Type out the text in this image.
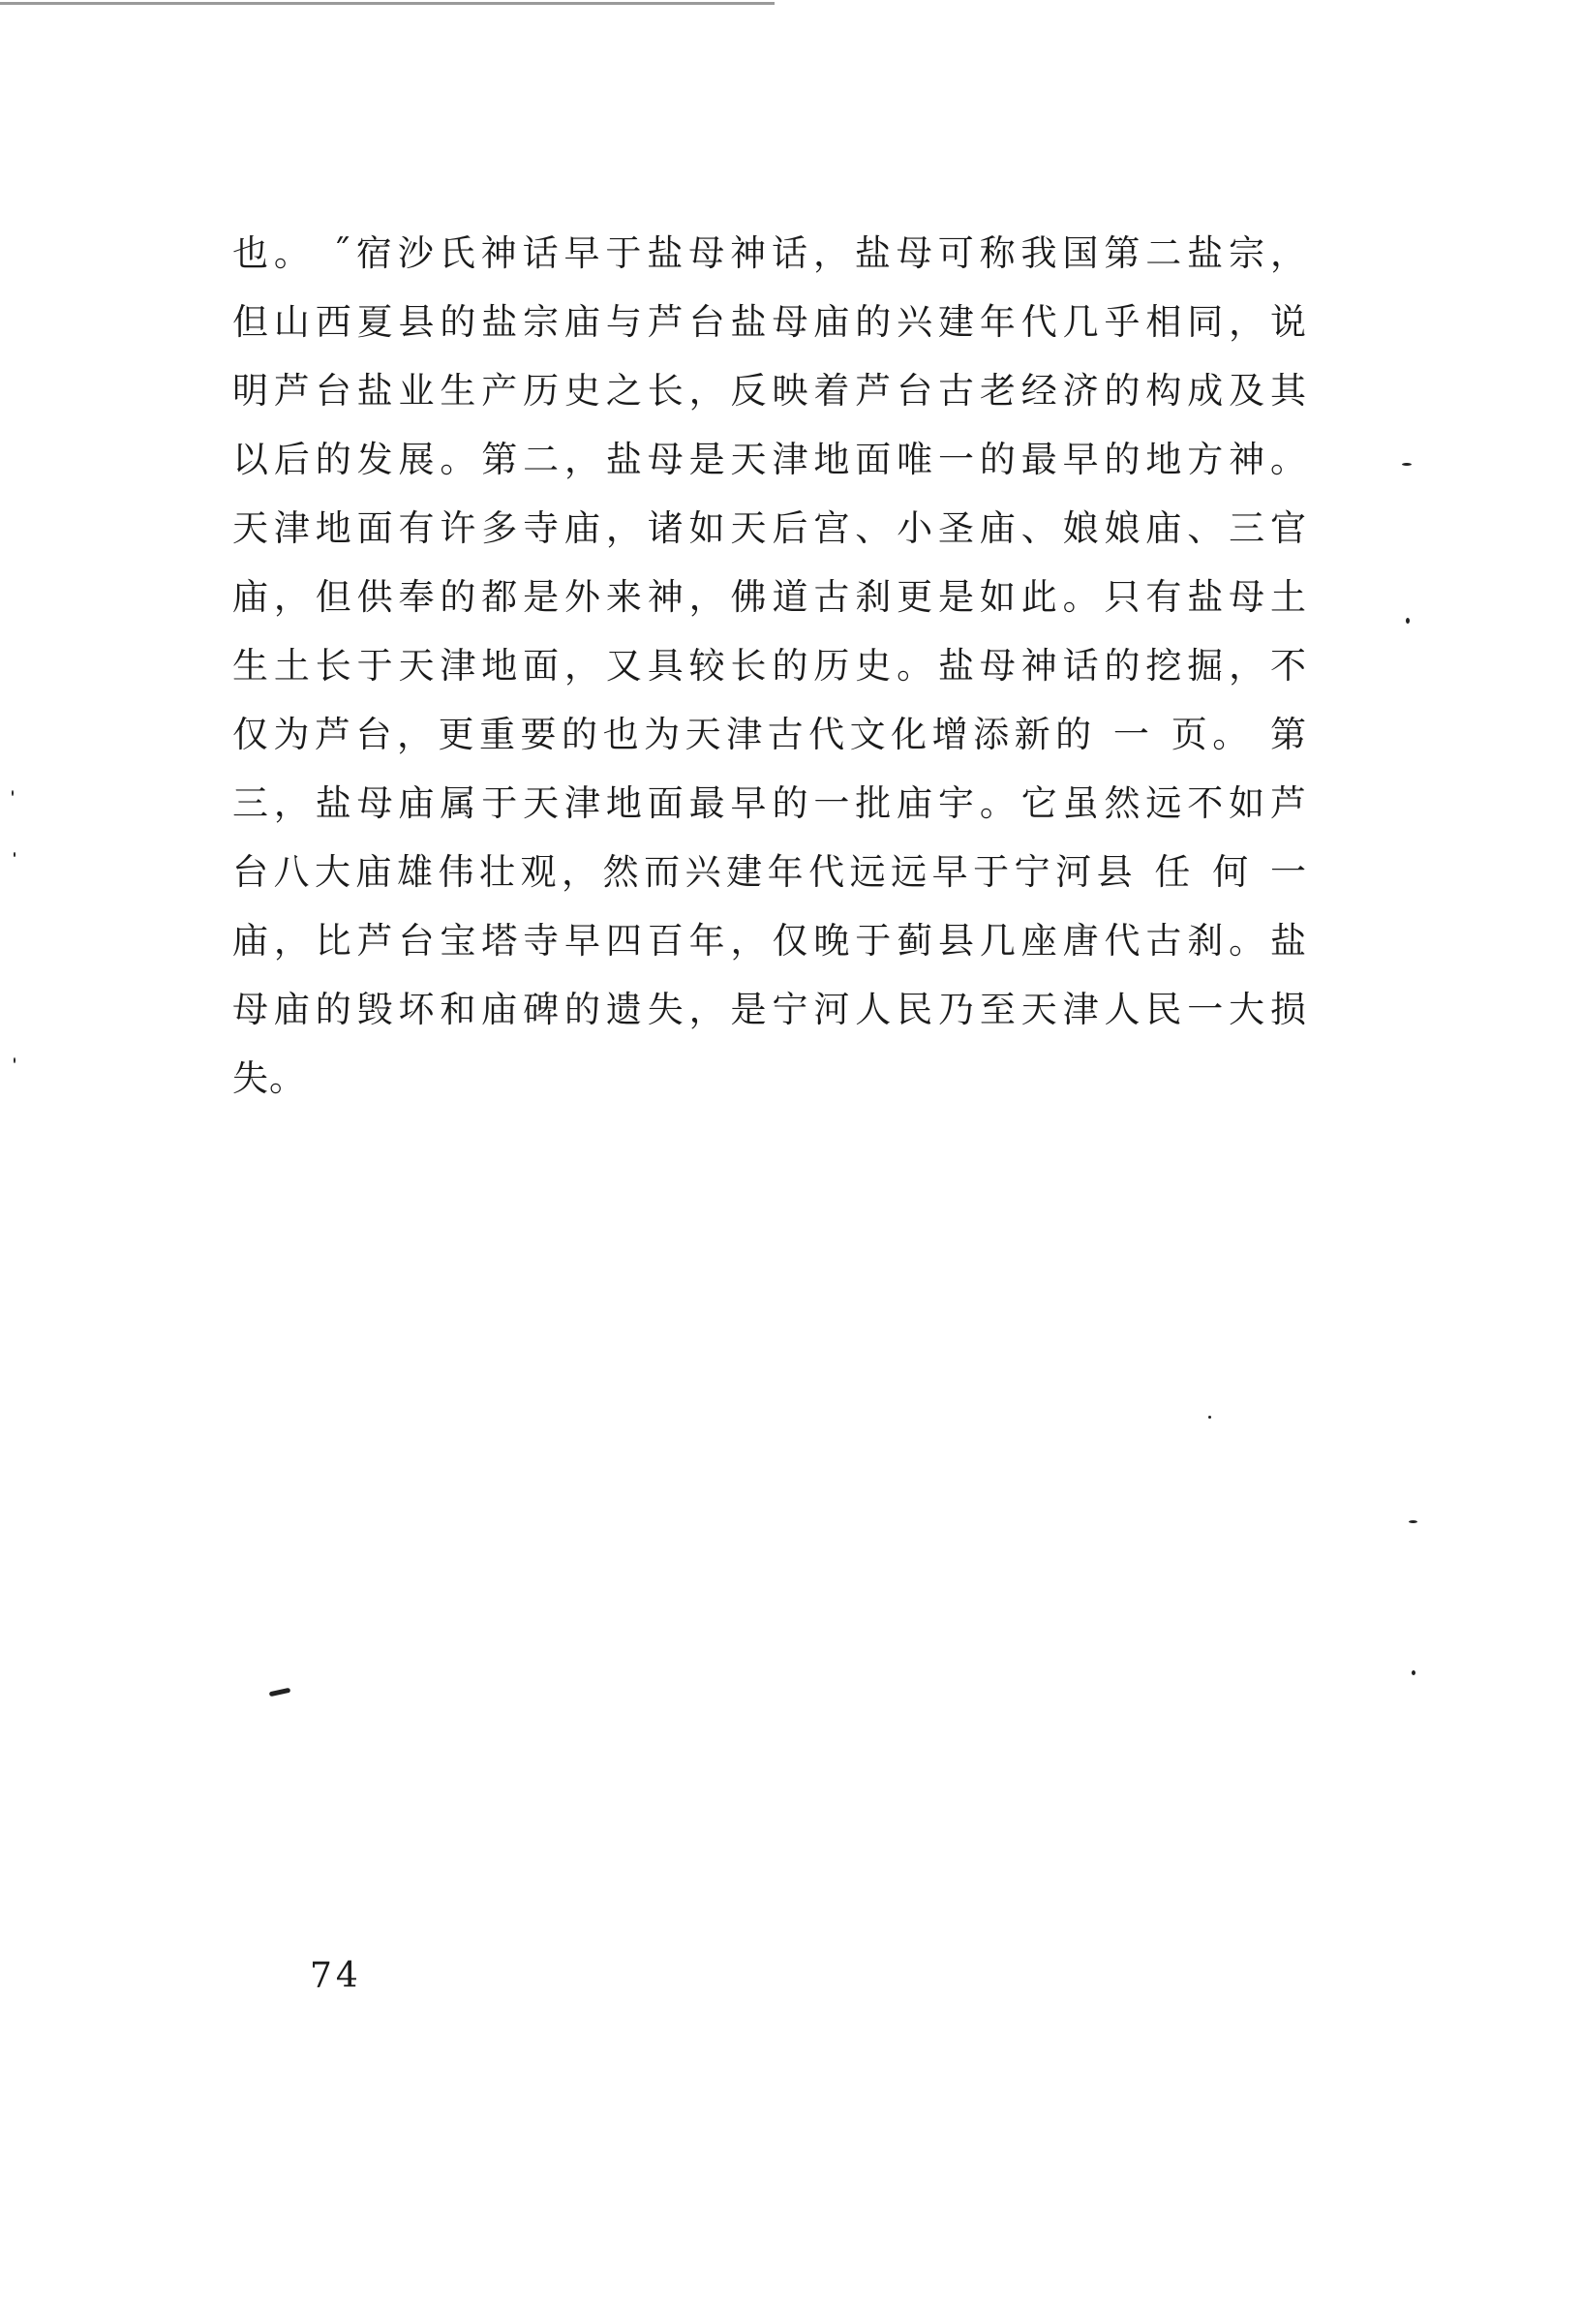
也。 ˝宿沙氏神话早于盐母神话，盐母可称我国第二盐宗，
但山西夏县的盐宗庙与芦台盐母庙的兴建年代几乎相同，说
明芦台盐业生产历史之长，反映着芦台古老经济的构成及其
以后的发展。第二，盐母是天津地面唯一的最早的地方神。
天津地面有许多寺庙，诸如天后宫、小圣庙、娘娘庙、三官
庙，但供奉的都是外来神，佛道古刹更是如此。只有盐母土
生土长于天津地面，又具较长的历史。盐母神话的挖掘，不
仅为芦台，更重要的也为天津古代文化增添新的 一 页。 第
三，盐母庙属于天津地面最早的一批庙宇。它虽然远不如芦
台八大庙雄伟壮观，然而兴建年代远远早于宁河县 任 何 一
庙，比芦台宝塔寺早四百年，仅晚于蓟县几座唐代古刹。盐
母庙的毁坏和庙碑的遗失，是宁河人民乃至天津人民一大损
失。
74
